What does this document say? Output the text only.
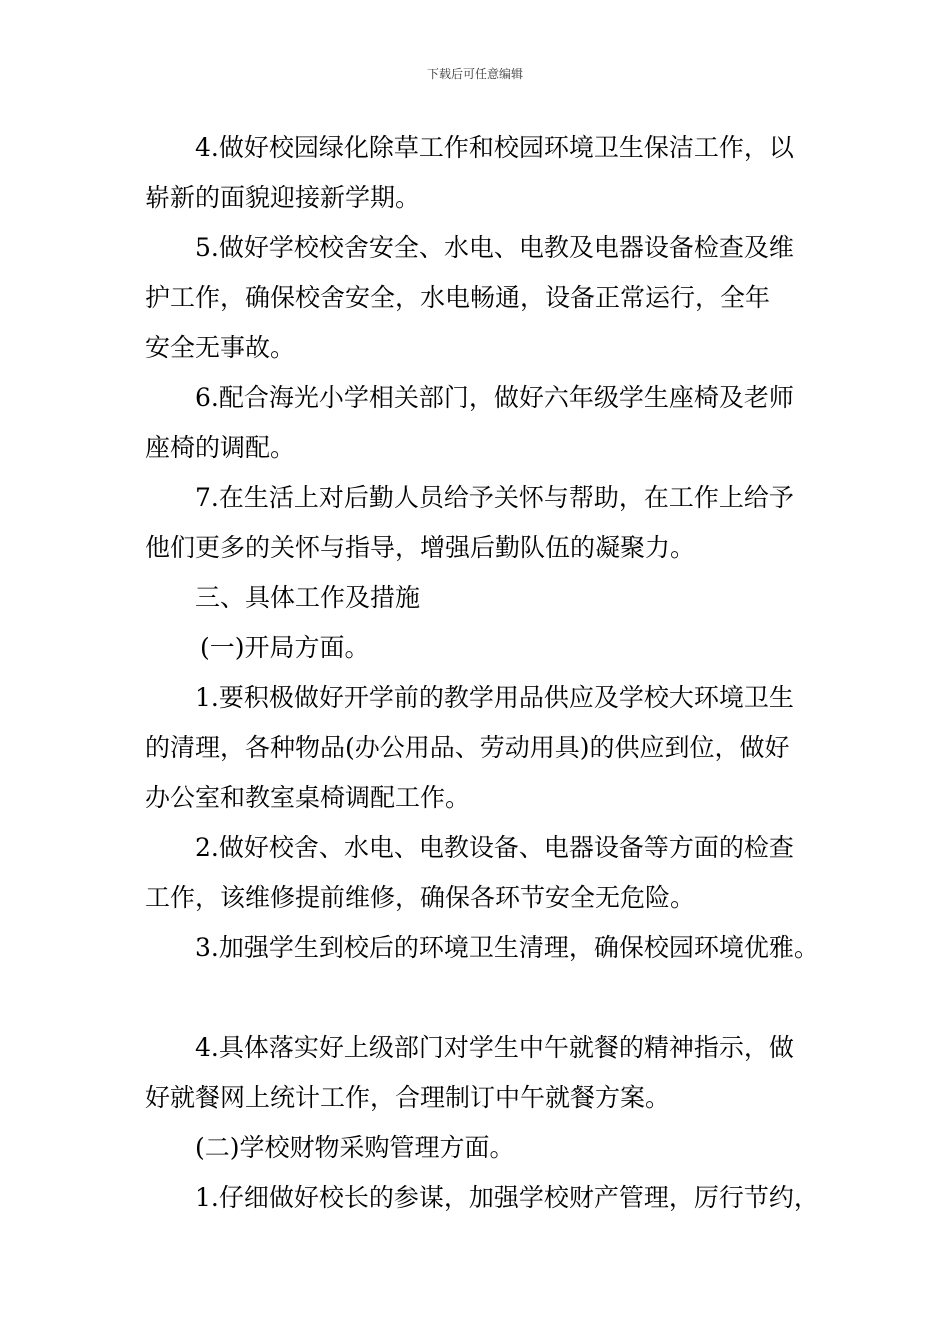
下载后可任意编辑
4.做好校园绿化除草工作和校园环境卫生保洁工作，以
崭新的面貌迎接新学期。
5.做好学校校舍安全、水电、电教及电器设备检查及维
护工作，确保校舍安全，水电畅通，设备正常运行，全年
安全无事故。
6.配合海光小学相关部门，做好六年级学生座椅及老师
座椅的调配。
7.在生活上对后勤人员给予关怀与帮助，在工作上给予
他们更多的关怀与指导，增强后勤队伍的凝聚力。
三、具体工作及措施
(一)开局方面。
1.要积极做好开学前的教学用品供应及学校大环境卫生
的清理，各种物品(办公用品、劳动用具)的供应到位，做好
办公室和教室桌椅调配工作。
2.做好校舍、水电、电教设备、电器设备等方面的检查
工作，该维修提前维修，确保各环节安全无危险。
3.加强学生到校后的环境卫生清理，确保校园环境优雅。
4.具体落实好上级部门对学生中午就餐的精神指示，做
好就餐网上统计工作，合理制订中午就餐方案。
(二)学校财物采购管理方面。
1.仔细做好校长的参谋，加强学校财产管理，厉行节约，
